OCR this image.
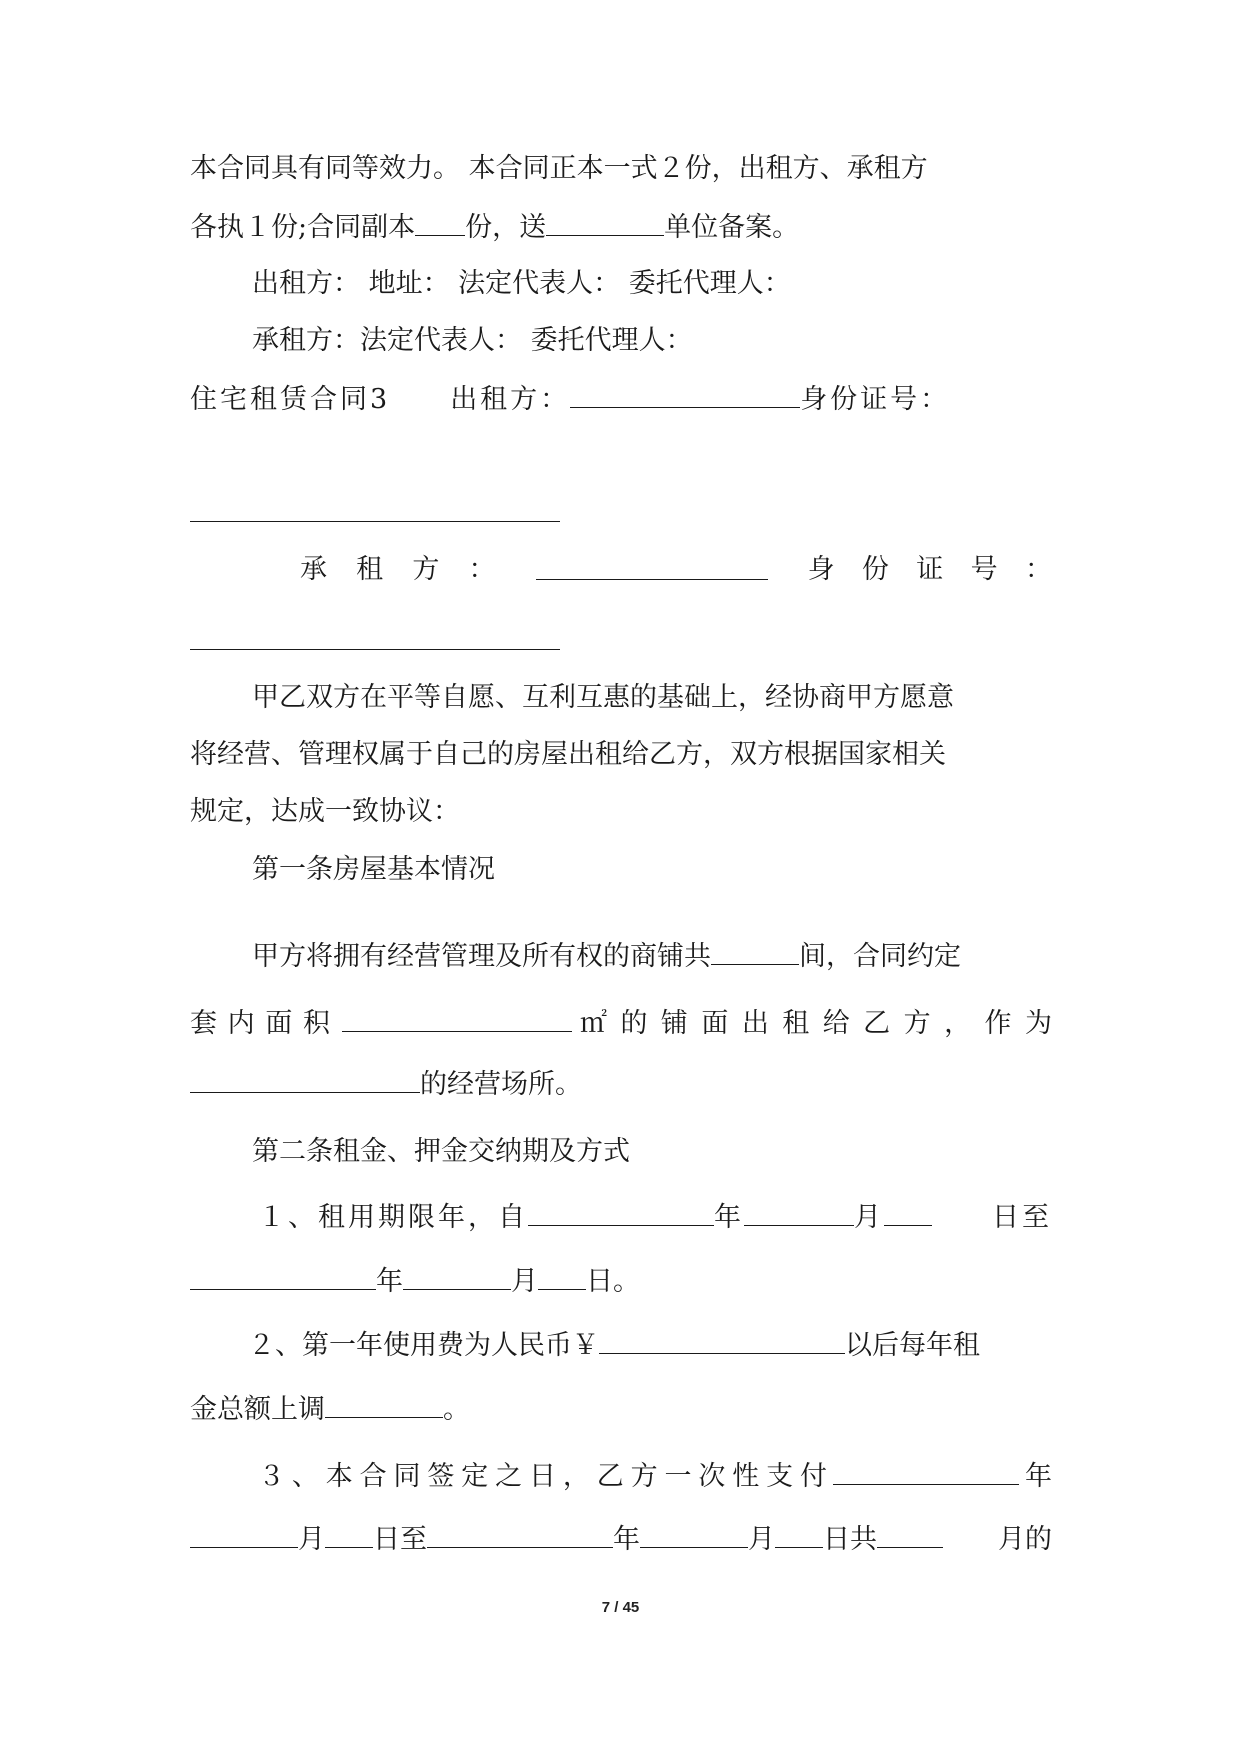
本合同具有同等效力。 本合同正本一式２份，出租方、承租方
各执１份;合同副本 份，送	单位备案。
出租方： 地址： 法定代表人： 委托代理人：
承租方：法定代表人： 委托代理人：
住宅租赁合同3 出租方：	身份证号：
承租方：	身份证号：
甲乙双方在平等自愿、互利互惠的基础上，经协商甲方愿意
将经营、管理权属于自己的房屋出租给乙方，双方根据国家相关
规定，达成一致协议：
第一条房屋基本情况
甲方将拥有经营管理及所有权的商铺共	间，合同约定
套内面积	㎡的铺面出租给乙方，作为
的经营场所。
第二条租金、押金交纳期及方式
１、租用期限年，自	年	月	日至
年	月 日。
２、第一年使用费为人民币￥	以后每年租
金总额上调	。
３、本合同签定之日，乙方一次性支付	年
月 日至	年	月 日共	月的
7 / 45
